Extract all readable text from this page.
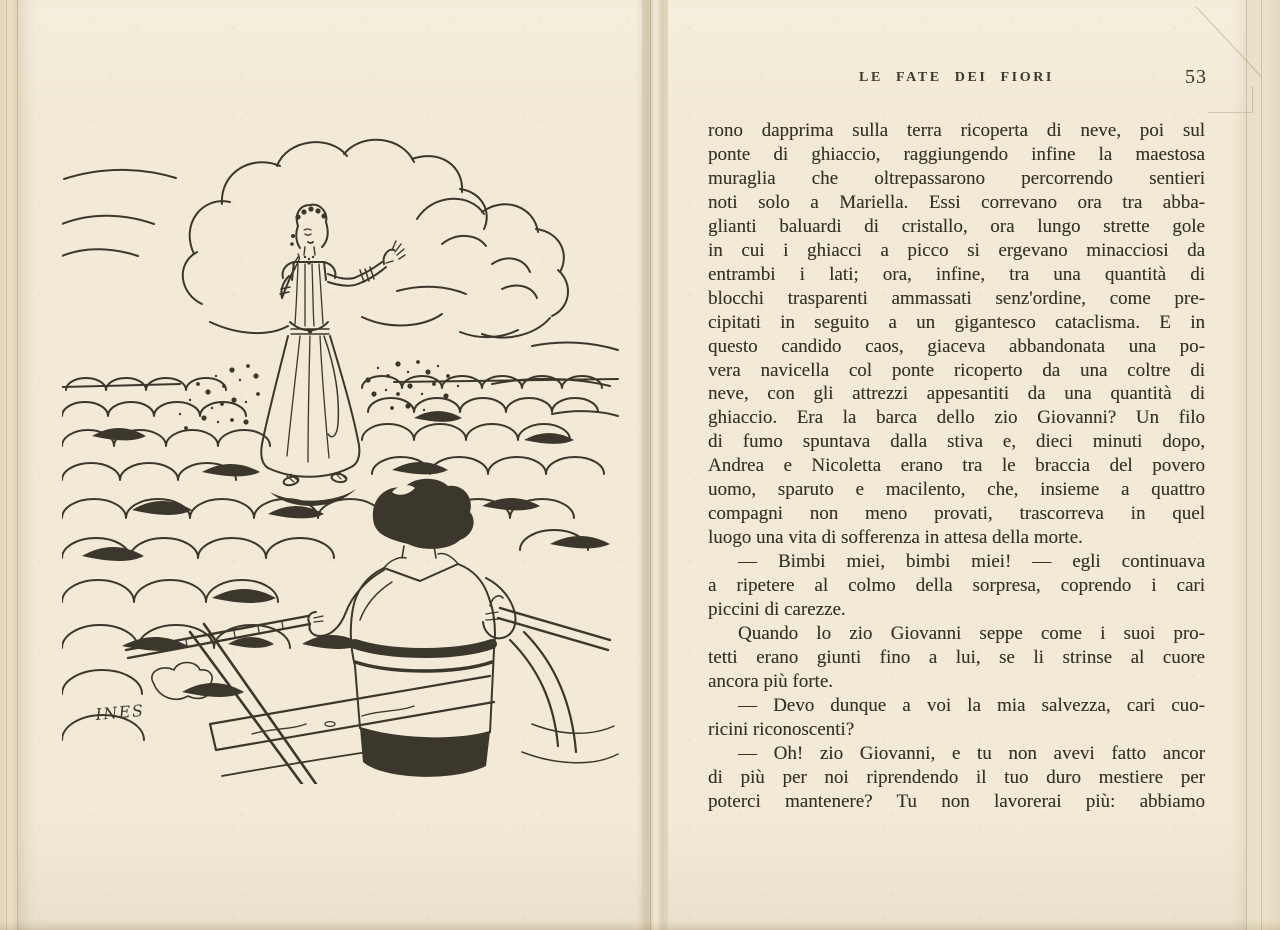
INES
LE FATE DEI FIORI	53
rono dapprima sulla terra ricoperta di neve, poi sul
ponte di ghiaccio, raggiungendo infine la maestosa
muraglia che oltrepassarono percorrendo sentieri
noti solo a Mariella. Essi correvano ora tra abba-
glianti baluardi di cristallo, ora lungo strette gole
in cui i ghiacci a picco si ergevano minacciosi da
entrambi i lati; ora, infine, tra una quantità di
blocchi trasparenti ammassati senz'ordine, come pre-
cipitati in seguito a un gigantesco cataclisma. E in
questo candido caos, giaceva abbandonata una po-
vera navicella col ponte ricoperto da una coltre di
neve, con gli attrezzi appesantiti da una quantità di
ghiaccio. Era la barca dello zio Giovanni? Un filo
di fumo spuntava dalla stiva e, dieci minuti dopo,
Andrea e Nicoletta erano tra le braccia del povero
uomo, sparuto e macilento, che, insieme a quattro
compagni non meno provati, trascorreva in quel
luogo una vita di sofferenza in attesa della morte.
— Bimbi miei, bimbi miei! — egli continuava
a ripetere al colmo della sorpresa, coprendo i cari
piccini di carezze.
Quando lo zio Giovanni seppe come i suoi pro-
tetti erano giunti fino a lui, se li strinse al cuore
ancora più forte.
— Devo dunque a voi la mia salvezza, cari cuo-
ricini riconoscenti?
— Oh! zio Giovanni, e tu non avevi fatto ancor
di più per noi riprendendo il tuo duro mestiere per
poterci mantenere? Tu non lavorerai più: abbiamo
